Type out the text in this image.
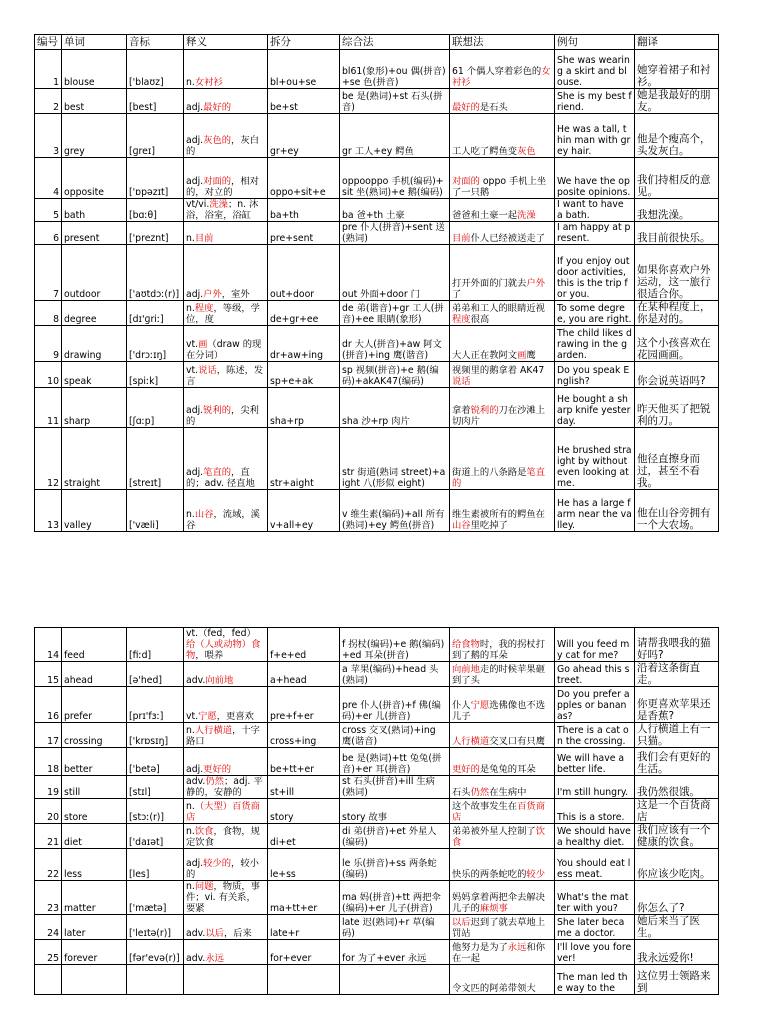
编号	单词	音标	释义	拆分	综合法	联想法	例句	翻译
1	blouse	['blaʊz]	n.女衬衫	bl+ou+se	bl61(象形)+ou 偶(拼音)+se 色(拼音)	61 个偶人穿着彩色的女衬衫	She was wearing a skirt and blouse.	她穿着裙子和衬衫。
2	best	[best]	adj.最好的	be+st	be 是(熟词)+st 石头(拼音)	最好的是石头	She is my best friend.	她是我最好的朋友。
3	grey	[ɡreɪ]	adj.灰色的，灰白的	gr+ey	gr 工人+ey 鳄鱼	工人吃了鳄鱼变灰色	He was a tall, thin man with grey hair.	他是个瘦高个，头发灰白。
4	opposite	['ɒpəzɪt]	adj.对面的，相对的，对立的	oppo+sit+e	oppooppo 手机(编码)+sit 坐(熟词)+e 鹅(编码)	对面的 oppo 手机上坐了一只鹅	We have the opposite opinions.	我们持相反的意见。
5	bath	[bɑːθ]	vt/vi.洗澡；n. 沐浴，浴室，浴缸	ba+th	ba 爸+th 土豪	爸爸和土豪一起洗澡	I want to have a bath.	我想洗澡。
6	present	['preznt]	n.目前	pre+sent	pre 仆人(拼音)+sent 送(熟词)	目前仆人已经被送走了	I am happy at present.	我目前很快乐。
7	outdoor	['aʊtdɔː(r)]	adj.户外，室外	out+door	out 外面+door 门	打开外面的门就去户外了	If you enjoy outdoor activities, this is the trip for you.	如果你喜欢户外运动，这一旅行很适合你。
8	degree	[dɪ'ɡriː]	n.程度，等级，学位，度	de+gr+ee	de 弟(谐音)+gr 工人(拼音)+ee 眼睛(象形)	弟弟和工人的眼睛近视程度很高	To some degree, you are right.	在某种程度上，你是对的。
9	drawing	['drɔːɪŋ]	vt.画（draw 的现在分词）	dr+aw+ing	dr 大人(拼音)+aw 阿文(拼音)+ing 鹰(谐音)	大人正在教阿文画鹰	The child likes drawing in the garden.	这个小孩喜欢在花园画画。
10	speak	[spiːk]	vt.说话，陈述，发言	sp+e+ak	sp 视频(拼音)+e 鹅(编码)+akAK47(编码)	视频里的鹅拿着 AK47说话	Do you speak English?	你会说英语吗?
11	sharp	[ʃɑːp]	adj.锐利的，尖利的	sha+rp	sha 沙+rp 肉片	拿着锐利的刀在沙滩上切肉片	He bought a sharp knife yesterday.	昨天他买了把锐利的刀。
12	straight	[streɪt]	adj.笔直的，直的；adv. 径直地	str+aight	str 街道(熟词 street)+aight 八(形似 eight)	街道上的八条路是笔直的	He brushed straight by without even looking at me.	他径直擦身而过，甚至不看我。
13	valley	['væli]	n.山谷，流域，溪谷	v+all+ey	v 维生素(编码)+all 所有(熟词)+ey 鳄鱼(拼音)	维生素被所有的鳄鱼在山谷里吃掉了	He has a large farm near the valley.	他在山谷旁拥有一个大农场。
14	feed	[fiːd]	vt.（fed，fed）给（人或动物）食物，喂养	f+e+ed	f 拐杖(编码)+e 鹅(编码)+ed 耳朵(拼音)	给食物时，我的拐杖打到了鹅的耳朵	Will you feed my cat for me?	请帮我喂我的猫好吗?
15	ahead	[ə'hed]	adv.向前地	a+head	a 苹果(编码)+head 头(熟词)	向前地走的时候苹果砸到了头	Go ahead this street.	沿着这条街直走。
16	prefer	[prɪ'fɜː]	vt.宁愿，更喜欢	pre+f+er	pre 仆人(拼音)+f 佛(编码)+er 儿(拼音)	仆人宁愿选佛像也不选儿子	Do you prefer apples or bananas?	你更喜欢苹果还是香蕉?
17	crossing	['krɒsɪŋ]	n.人行横道，十字路口	cross+ing	cross 交叉(熟词)+ing 鹰(谐音)	人行横道交叉口有只鹰	There is a cat on the crossing.	人行横道上有一只猫。
18	better	['betə]	adj.更好的	be+tt+er	be 是(熟词)+tt 兔兔(拼音)+er 耳(拼音)	更好的是兔兔的耳朵	We will have a better life.	我们会有更好的生活。
19	still	[stɪl]	adv.仍然；adj. 平静的，安静的	st+ill	st 石头(拼音)+ill 生病(熟词)	石头仍然在生病中	I'm still hungry.	我仍然很饿。
20	store	[stɔː(r)]	n.（大型）百货商店	story	story 故事	这个故事发生在百货商店	This is a store.	这是一个百货商店
21	diet	['daɪət]	n.饮食，食物，规定饮食	di+et	di 弟(拼音)+et 外星人(编码)	弟弟被外星人控制了饮食	We should have a healthy diet.	我们应该有一个健康的饮食。
22	less	[les]	adj.较少的，较小的	le+ss	le 乐(拼音)+ss 两条蛇(编码)	快乐的两条蛇吃的较少	You should eat less meat.	你应该少吃肉。
23	matter	['mætə]	n.问题，物质，事件；vi. 有关系，要紧	ma+tt+er	ma 妈(拼音)+tt 两把伞(编码)+er 儿子(拼音)	妈妈拿着两把伞去解决儿子的麻烦事	What's the matter with you?	你怎么了?
24	later	['leɪtə(r)]	adv.以后，后来	late+r	late 迟(熟词)+r 草(编码)	以后迟到了就去草地上罚站	She later became a doctor.	她后来当了医生。
25	forever	[fər'evə(r)]	adv.永远	for+ever	for 为了+ever 永远	他努力是为了永远和你在一起	I'll love you forever!	我永远爱你!
						令文匹的阿弟带领大	The man led the way to the	这位男士领路来到
